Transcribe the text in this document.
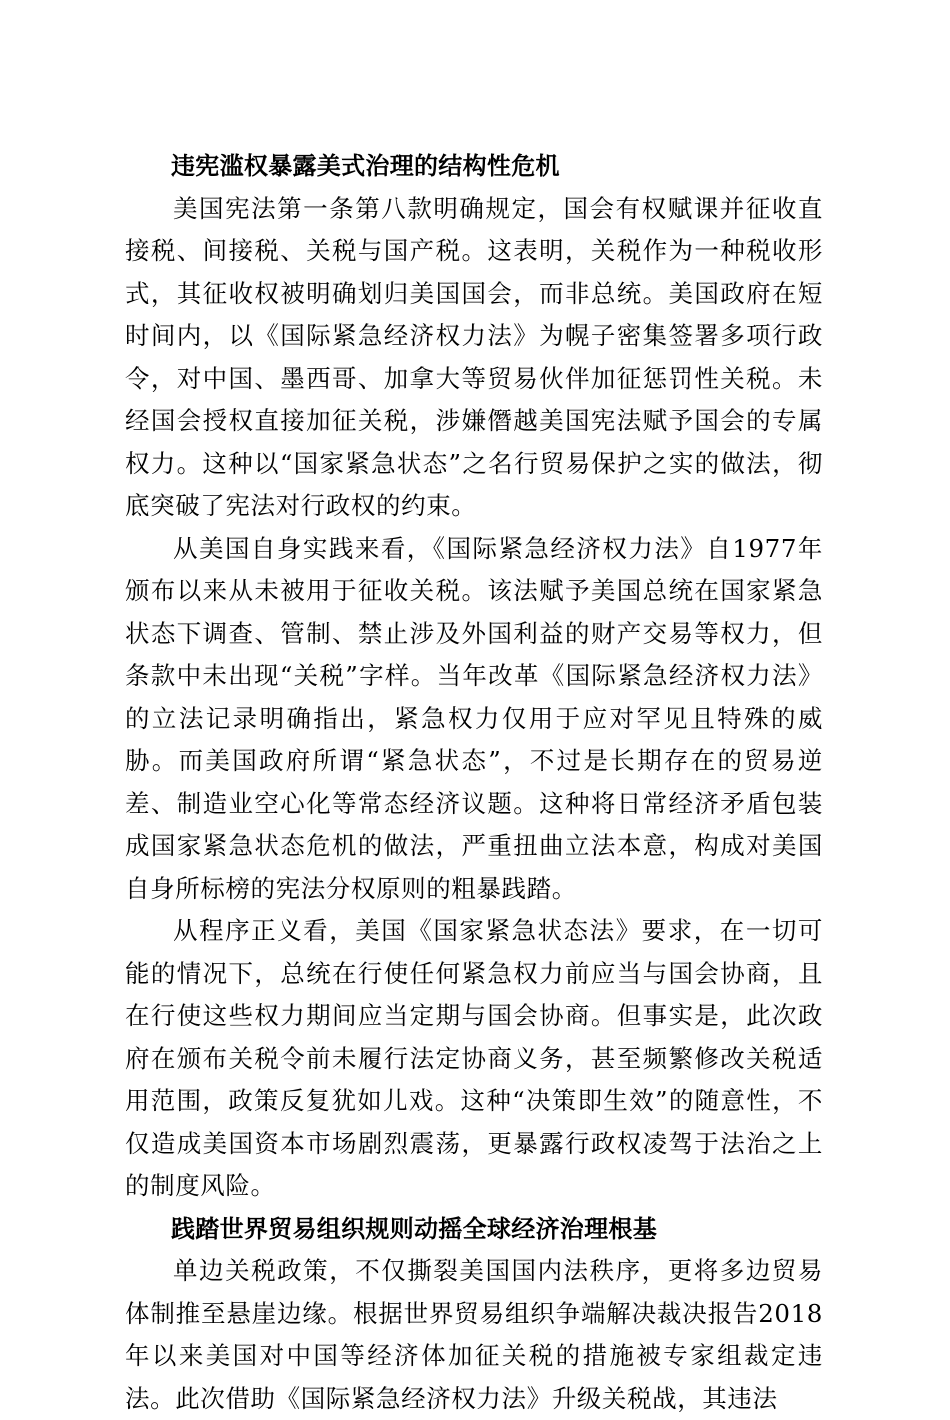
违宪滥权暴露美式治理的结构性危机

美国宪法第一条第八款明确规定，国会有权赋课并征收直接税、间接税、关税与国产税。这表明，关税作为一种税收形式，其征收权被明确划归美国国会，而非总统。美国政府在短时间内，以《国际紧急经济权力法》为幌子密集签署多项行政令，对中国、墨西哥、加拿大等贸易伙伴加征惩罚性关税。未经国会授权直接加征关税，涉嫌僭越美国宪法赋予国会的专属权力。这种以“国家紧急状态”之名行贸易保护之实的做法，彻底突破了宪法对行政权的约束。

从美国自身实践来看，《国际紧急经济权力法》自1977年颁布以来从未被用于征收关税。该法赋予美国总统在国家紧急状态下调查、管制、禁止涉及外国利益的财产交易等权力，但条款中未出现“关税”字样。当年改革《国际紧急经济权力法》的立法记录明确指出，紧急权力仅用于应对罕见且特殊的威胁。而美国政府所谓“紧急状态”，不过是长期存在的贸易逆差、制造业空心化等常态经济议题。这种将日常经济矛盾包装成国家紧急状态危机的做法，严重扭曲立法本意，构成对美国自身所标榜的宪法分权原则的粗暴践踏。

从程序正义看，美国《国家紧急状态法》要求，在一切可能的情况下，总统在行使任何紧急权力前应当与国会协商，且在行使这些权力期间应当定期与国会协商。但事实是，此次政府在颁布关税令前未履行法定协商义务，甚至频繁修改关税适用范围，政策反复犹如儿戏。这种“决策即生效”的随意性，不仅造成美国资本市场剧烈震荡，更暴露行政权凌驾于法治之上的制度风险。

践踏世界贸易组织规则动摇全球经济治理根基

单边关税政策，不仅撕裂美国国内法秩序，更将多边贸易体制推至悬崖边缘。根据世界贸易组织争端解决裁决报告2018年以来美国对中国等经济体加征关税的措施被专家组裁定违法。此次借助《国际紧急经济权力法》升级关税战，其违法
